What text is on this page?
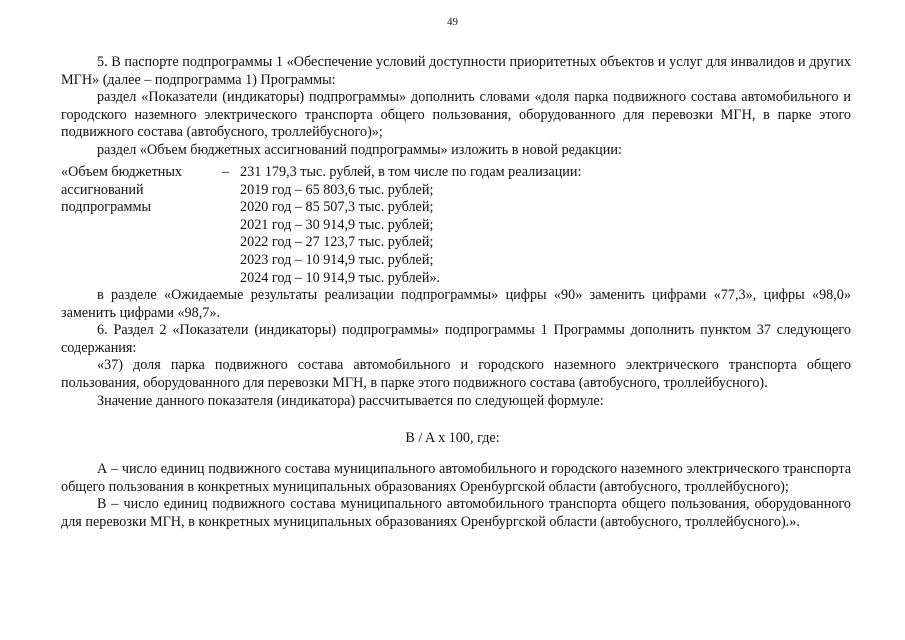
49

5. В паспорте подпрограммы 1 «Обеспечение условий доступности приоритетных объектов и услуг для инвалидов и других МГН» (далее – подпрограмма 1) Программы:

раздел «Показатели (индикаторы) подпрограммы» дополнить словами «доля парка подвижного состава автомобильного и городского наземного электрического транспорта общего пользования, оборудованного для перевозки МГН, в парке этого подвижного состава (автобусного, троллейбусного)»;

раздел «Объем бюджетных ассигнований подпрограммы» изложить в новой редакции:

«Объем бюджетных	– 231 179,3 тыс. рублей, в том числе по годам реализации:
ассигнований	2019 год – 65 803,6 тыс. рублей;
подпрограммы	2020 год – 85 507,3 тыс. рублей;
2021 год – 30 914,9 тыс. рублей;
2022 год – 27 123,7 тыс. рублей;
2023 год – 10 914,9 тыс. рублей;
2024 год – 10 914,9 тыс. рублей».

в разделе «Ожидаемые результаты реализации подпрограммы» цифры «90» заменить цифрами «77,3», цифры «98,0» заменить цифрами «98,7».

6. Раздел 2 «Показатели (индикаторы) подпрограммы» подпрограммы 1 Программы дополнить пунктом 37 следующего содержания:

«37) доля парка подвижного состава автомобильного и городского наземного электрического транспорта общего пользования, оборудованного для перевозки МГН, в парке этого подвижного состава (автобусного, троллейбусного).

Значение данного показателя (индикатора) рассчитывается по следующей формуле:

B / A x 100, где:

А – число единиц подвижного состава муниципального автомобильного и городского наземного электрического транспорта общего пользования в конкретных муниципальных образованиях Оренбургской области (автобусного, троллейбусного);

В – число единиц подвижного состава муниципального автомобильного транспорта общего пользования, оборудованного для перевозки МГН, в конкретных муниципальных образованиях Оренбургской области (автобусного, троллейбусного).».
